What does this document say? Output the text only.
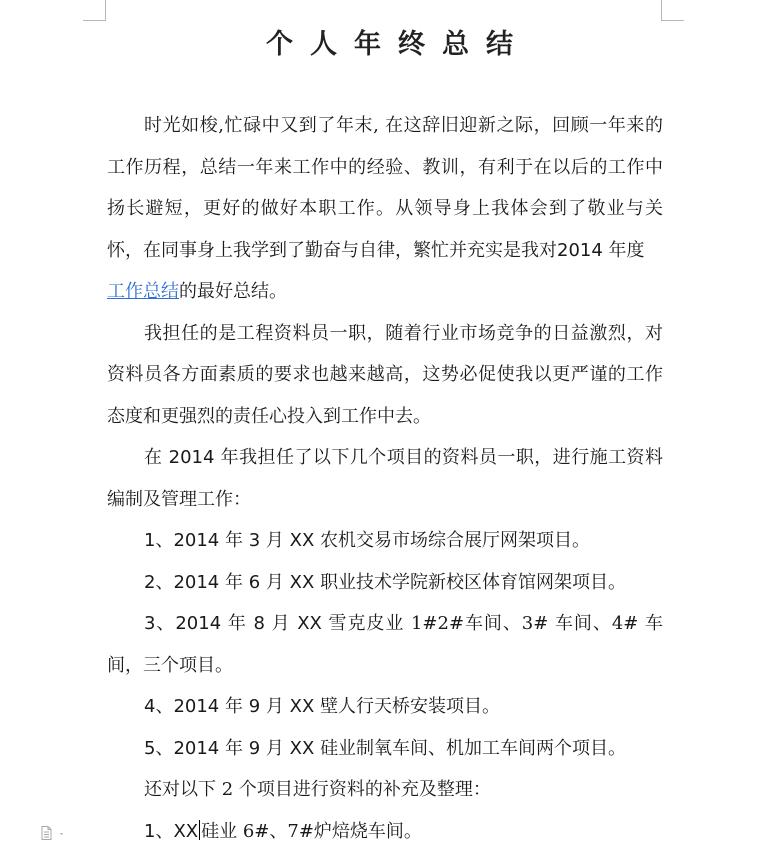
个人年终总结

时光如梭,忙碌中又到了年末, 在这辞旧迎新之际，回顾一年来的工作历程，总结一年来工作中的经验、教训，有利于在以后的工作中扬长避短，更好的做好本职工作。从领导身上我体会到了敬业与关怀，在同事身上我学到了勤奋与自律，繁忙并充实是我对2014 年度
工作总结的最好总结。

我担任的是工程资料员一职，随着行业市场竞争的日益激烈，对资料员各方面素质的要求也越来越高，这势必促使我以更严谨的工作态度和更强烈的责任心投入到工作中去。

在 2014 年我担任了以下几个项目的资料员一职，进行施工资料编制及管理工作：

1、2014 年 3 月 XX 农机交易市场综合展厅网架项目。

2、2014 年 6 月 XX 职业技术学院新校区体育馆网架项目。

3、2014 年 8 月 XX 雪克皮业 1#2#车间、3# 车间、4# 车间，三个项目。

4、2014 年 9 月 XX 壁人行天桥安装项目。

5、2014 年 9 月 XX 硅业制氧车间、机加工车间两个项目。

还对以下 2 个项目进行资料的补充及整理：

1、XX 硅业 6#、7#炉焙烧车间。
